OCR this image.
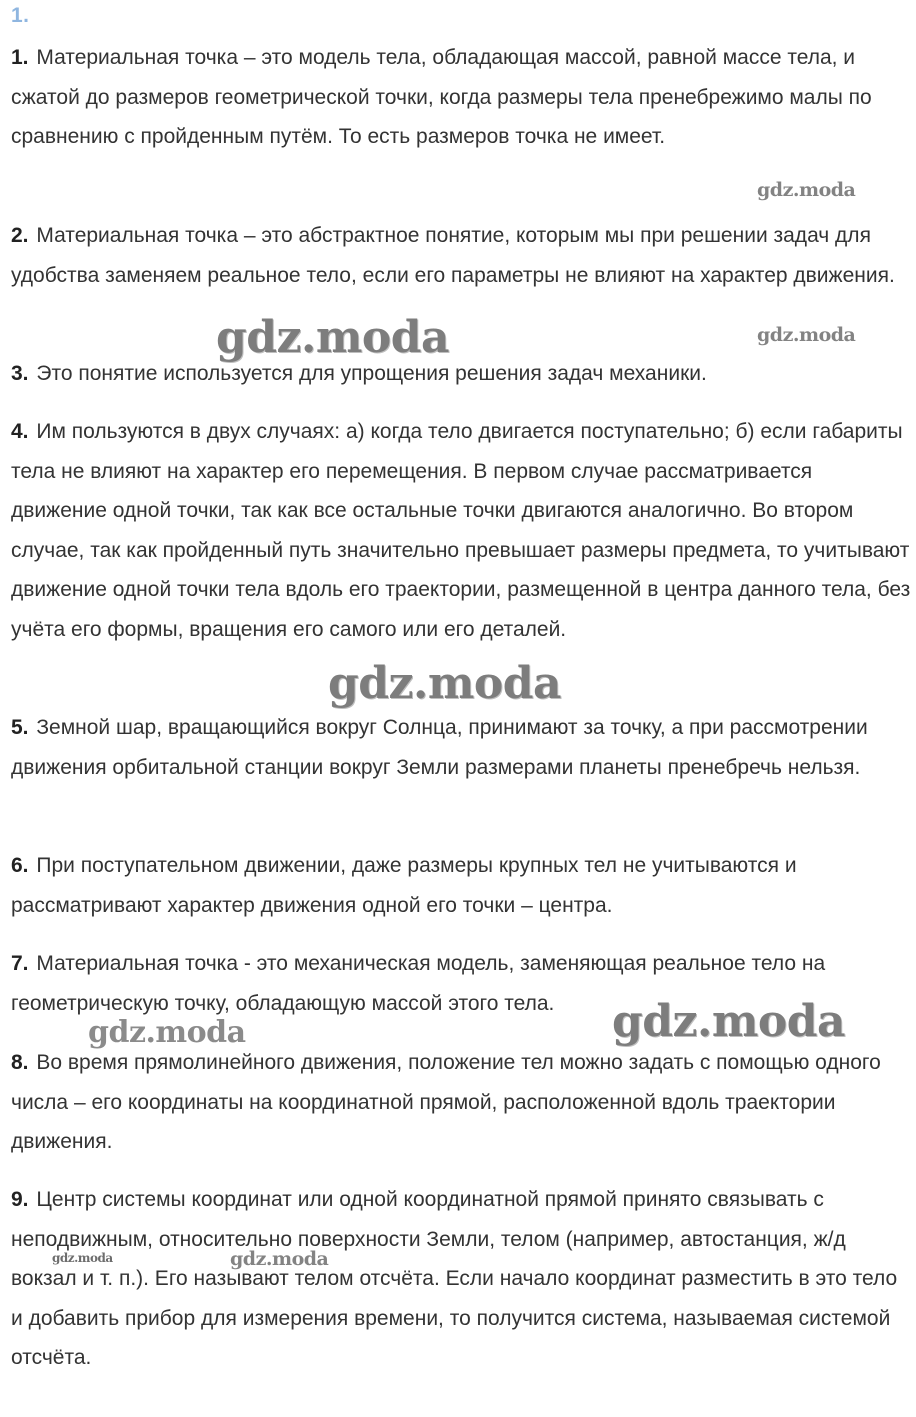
1.

1. Материальная точка – это модель тела, обладающая массой, равной массе тела, и сжатой до размеров геометрической точки, когда размеры тела пренебрежимо малы по сравнению с пройденным путём. То есть размеров точка не имеет.

2. Материальная точка – это абстрактное понятие, которым мы при решении задач для удобства заменяем реальное тело, если его параметры не влияют на характер движения.

3. Это понятие используется для упрощения решения задач механики.

4. Им пользуются в двух случаях: а) когда тело двигается поступательно; б) если габариты тела не влияют на характер его перемещения. В первом случае рассматривается движение одной точки, так как все остальные точки двигаются аналогично. Во втором случае, так как пройденный путь значительно превышает размеры предмета, то учитывают движение одной точки тела вдоль его траектории, размещенной в центра данного тела, без учёта его формы, вращения его самого или его деталей.

5. Земной шар, вращающийся вокруг Солнца, принимают за точку, а при рассмотрении движения орбитальной станции вокруг Земли размерами планеты пренебречь нельзя.

6. При поступательном движении, даже размеры крупных тел не учитываются и рассматривают характер движения одной его точки – центра.

7. Материальная точка - это механическая модель, заменяющая реальное тело на геометрическую точку, обладающую массой этого тела.

8. Во время прямолинейного движения, положение тел можно задать с помощью одного числа – его координаты на координатной прямой, расположенной вдоль траектории движения.

9. Центр системы координат или одной координатной прямой принято связывать с неподвижным, относительно поверхности Земли, телом (например, автостанция, ж/д вокзал и т. п.). Его называют телом отсчёта. Если начало координат разместить в это тело и добавить прибор для измерения времени, то получится система, называемая системой отсчёта.

gdz.moda
gdz.moda	gdz.moda
gdz.moda
gdz.moda
gdz.moda
gdz.moda	gdz.moda
